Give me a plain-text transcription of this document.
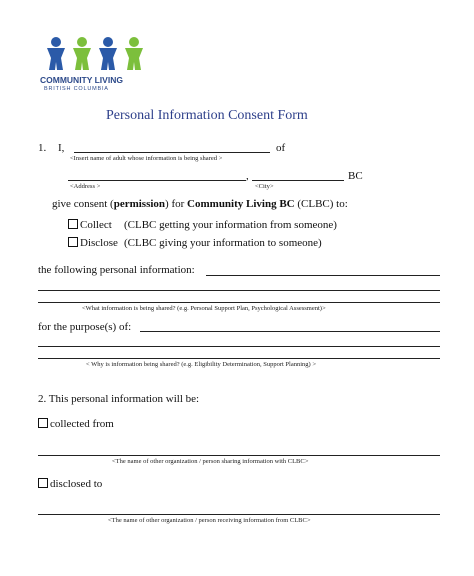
COMMUNITY LIVING
BRITISH COLUMBIA
Personal Information Consent Form
1. I,	of
<Insert name of adult whose information is being shared >
,	BC
<Address >	<City>
give consent (permission) for Community Living BC (CLBC) to:
Collect (CLBC getting your information from someone)
Disclose (CLBC giving your information to someone)
the following personal information:
<What information is being shared? (e.g. Personal Support Plan, Psychological Assessment)>
for the purpose(s) of:
< Why is information being shared? (e.g. Eligibility Determination, Support Planning) >
2. This personal information will be:
collected from
<The name of other organization / person sharing information with CLBC>
disclosed to
<The name of other organization / person receiving information from CLBC>
